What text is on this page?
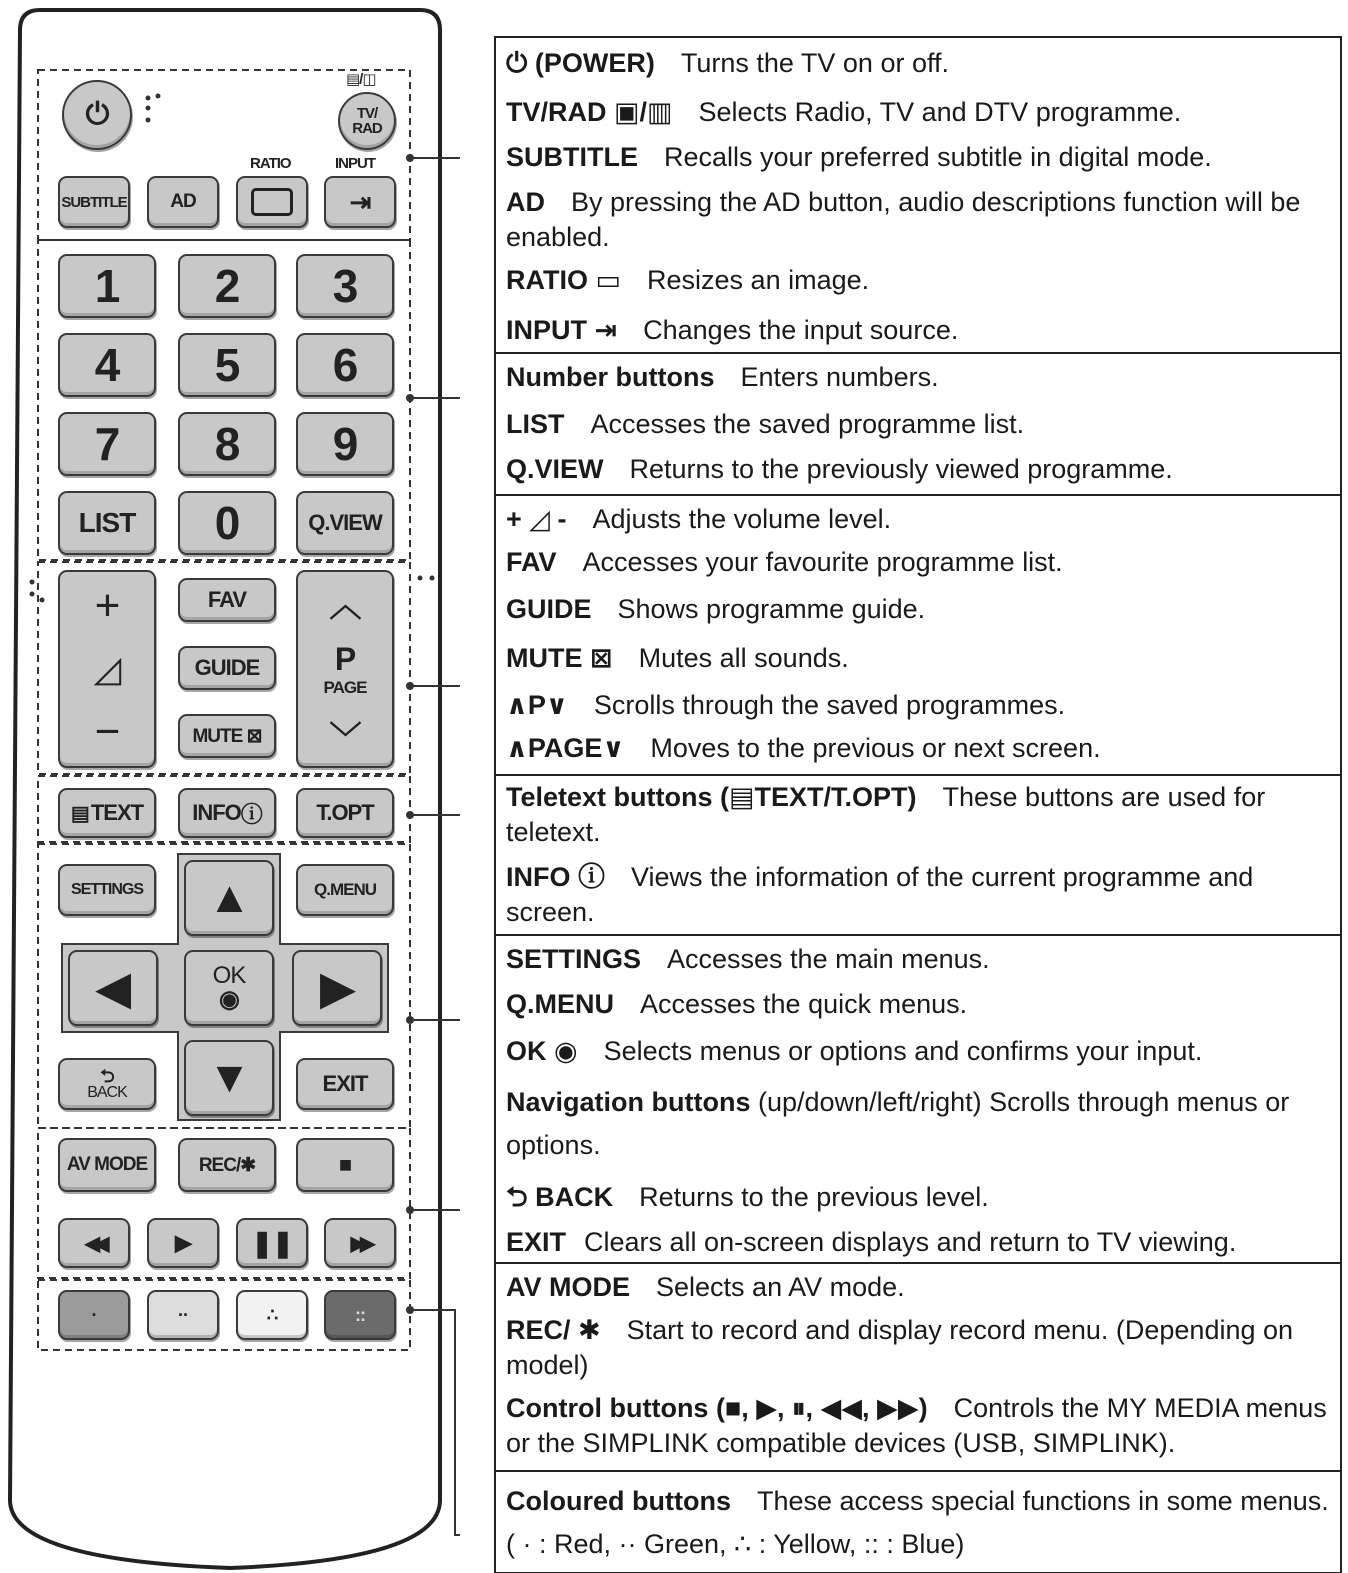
⏻
▤/◫
TV/
RAD
RATIO	INPUT
SUBTITLE	AD	⇥
1	2	3
4	5	6
7	8	9
LIST	0	Q.VIEW
+
◿
−
FAV
GUIDE
MUTE ⊠
︿
P
PAGE
﹀
▤ TEXT INFO ⓘ	T.OPT
SETTINGS	Q.MENU
▲
◀	OK
◉ ▶
▼
⮌
BACK	EXIT
AV MODE	REC/✱	■
◀◀	▶ ❚❚	▶▶
·	··	∴	::
⏻ (POWER) Turns the TV on or off.
TV/RAD ▣/▥ Selects Radio, TV and DTV programme.
SUBTITLE Recalls your preferred subtitle in digital mode.
AD By pressing the AD button, audio descriptions function will be enabled.
RATIO ▭ Resizes an image.
INPUT ⇥ Changes the input source.
Number buttons Enters numbers.
LIST Accesses the saved programme list.
Q.VIEW Returns to the previously viewed programme.
+ ◿ - Adjusts the volume level.
FAV Accesses your favourite programme list.
GUIDE Shows programme guide.
MUTE ⊠ Mutes all sounds.
∧P∨ Scrolls through the saved programmes.
∧PAGE∨ Moves to the previous or next screen.
Teletext buttons (▤TEXT/T.OPT) These buttons are used for teletext.
INFO ⓘ Views the information of the current programme and screen.
SETTINGS Accesses the main menus.
Q.MENU Accesses the quick menus.
OK ◉ Selects menus or options and confirms your input.
Navigation buttons (up/down/left/right) Scrolls through menus or options.
⮌ BACK Returns to the previous level.
EXIT Clears all on-screen displays and return to TV viewing.
AV MODE Selects an AV mode.
REC/ ✱ Start to record and display record menu. (Depending on model)
Control buttons (■, ▶, ⏸, ◀◀, ▶▶) Controls the MY MEDIA menus or the SIMPLINK compatible devices (USB, SIMPLINK).
Coloured buttons These access special functions in some menus. ( · : Red, ·· Green, ∴ : Yellow, :: : Blue)
